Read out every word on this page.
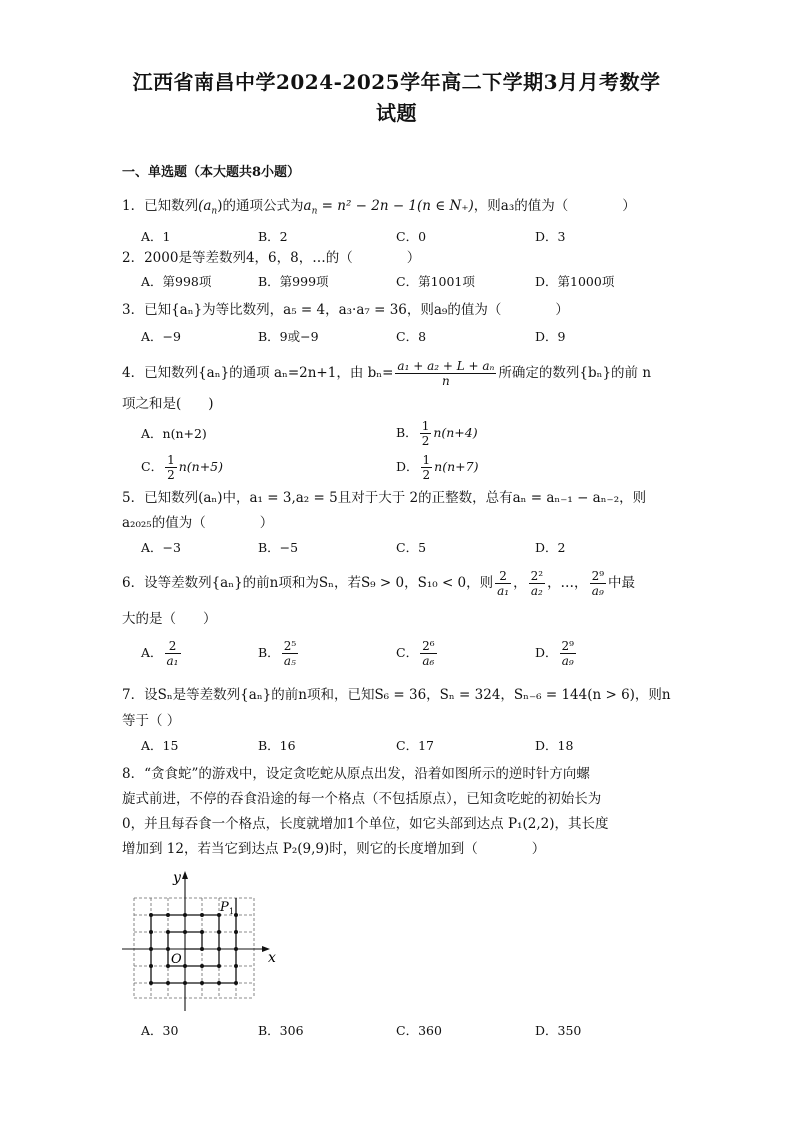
江西省南昌中学2024-2025学年高二下学期3月月考数学
试题
一、单选题（本大题共8小题）
1．已知数列$(a_n)$的通项公式为$a_n = n^2 - 2n - 1(n$ ∈ N₊)，则a₃的值为（　　　　）
A．1	B．2	C．0	D．3
2．2000是等差数列4，6，8，…的（　　　　）
A．第998项	B．第999项	C．第1001项	D．第1000项
3．已知{aₙ}为等比数列，a₅ = 4，a₃·a₇ = 36，则a₉的值为（　　　　）
A．−9	B．9或−9	C．8	D．9
4．已知数列{aₙ}的通项 aₙ=2n+1，由 $b_n= \frac{\text{a₁ + a₂ + L + aₙ}}{n}$ 所确定的数列{bₙ}的前 n
项之和是(　　)
A．n(n+2)	B． $\frac{1}{2} n(n+4)$
C． $\frac{1}{2} n(n+5)$	D． $\frac{1}{2} n(n+7)$
5．已知数列(aₙ)中，a₁ = 3,a₂ = 5且对于大于 2的正整数，总有aₙ = aₙ₋₁ − aₙ₋₂，则
a₂₀₂₅的值为（　　　　）
A．−3	B．−5	C．5	D．2
6．设等差数列{aₙ}的前n项和为Sₙ，若S₉ > 0，S₁₀ < 0，则 $\frac{2}{\text{a₁}}$ ， $\frac{\text{2²}}{\text{a₂}}$ ，…， $\frac{\text{2⁹}}{\text{a₉}}$ 中最
大的是（　　）
A． $\frac{2}{\text{a₁}}$	B． $\frac{\text{2⁵}}{\text{a₅}}$	C． $\frac{\text{2⁶}}{\text{a₆}}$	D． $\frac{\text{2⁹}}{\text{a₉}}$
7．设Sₙ是等差数列{aₙ}的前n项和，已知S₆ = 36，Sₙ = 324，Sₙ₋₆ = 144(n > 6)，则n
等于（ ）
A．15	B．16	C．17	D．18
8．“贪食蛇”的游戏中，设定贪吃蛇从原点出发，沿着如图所示的逆时针方向螺
旋式前进，不停的吞食沿途的每一个格点（不包括原点），已知贪吃蛇的初始长为
0，并且每吞食一个格点，长度就增加1个单位，如它头部到达点 P₁(2,2)，其长度
增加到 12，若当它到达点 P₂(9,9)时，则它的长度增加到（　　　　）
y
x
O
P 1
A．30	B．306	C．360	D．350
